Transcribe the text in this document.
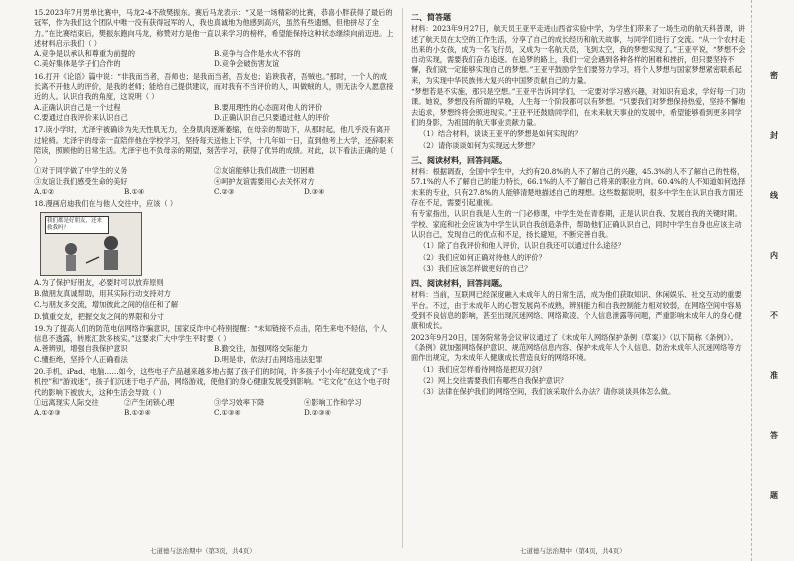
15.2023年7月男单比赛中，马龙2-4不敌樊振东。赛后马龙表示：“又是一场精彩的比赛，恭喜小胖获得了最后的冠军，作为我们这个团队中唯一没有获得冠军的人，我也真诚地为他感到高兴，虽然有些遗憾，但他拼尽了全力。”在比赛结束后，樊振东跑向马龙，称赞对方是他一直以来学习的榜样，希望能保持这种状态继续向前迈进。上述材料启示我们（ ）
A.竞争是以承认和尊重为前提的	B.竞争与合作是水火不容的
C.美好集体是学子们合作的	D.竞争会破伤害友谊
16.打开《论语》篇中说：“非我而当者，吾师也；是我而当者，吾友也；谄谀我者，吾贼也。”那时，一个人的成长离不开他人的评价，是我的老师；能给自己提供建议，而对我有不当评价的人，叫做贼的人，则无法令人愿意接近的人。认识自我的角度，这说明（ ）
A.正确认识自己是一个过程	B.要用理性的心态面对他人的评价
C.要通过自我评价来认识自己	D.正确认识自己只要通过他人的评价
17.读小学时，尤泽宇被确诊为先天性肌无力，全身肌肉逐渐萎缩，在母亲的帮助下，从那时起，他几乎没有离开过轮椅。尤泽宇的母亲一直陪伴他在学校学习，坚持每天送他上下学，十几年如一日，直到他考上大学，还辞职来陪读，照顾他的日常生活。尤泽宇也不负母亲的期望，刻苦学习，获得了优异的成绩。对此，以下看法正确的是（ ）
①对于同学做了中学生的义务	②友谊能够让我们战胜一切困难
③友谊让我们感受生命的美好	④呵护友谊需要用心去关怀对方
A.①②	B.①④	C.②③	D.③④
18.漫画启迪我们在与他人交往中，应该（ ）
我们都是好朋友，还来救我吗？

A.为了保护好朋友，必要时可以放弃原则

B.做朋友真诚帮助，用其实际行动支持对方

C.与朋友多交流，增加彼此之间的信任和了解

D.慎重交友，把握交友之间的界限和分寸

19.为了提高人们的防范电信网络诈骗意识，国家反诈中心特别提醒：“未知链接不点击，陌生来电不轻信，个人信息不透露，转账汇款多核实。”这要求广大中学生平时要（ ）
A.善辨别，增强自我保护意识	B.勤交往，加强网络交际能力
C.懂拒绝，坚持个人正确看法	D.明是非，依法打击网络违法犯罪
20.手机、iPad、电脑……如今，这些电子产品越来越多地占据了孩子们的时间，许多孩子小小年纪就变成了“手机控”和“游戏迷”，孩子们沉迷于电子产品，网络游戏，使他们的身心健康发展受到影响。“宅文化”在这个电子时代的影响下被放大，这种生活会导致（ ）
①远离现实人际交往	②产生闭锁心理	③学习效率下降	④影响工作和学习
A.①②③	B.①②④	C.①③④	D.②③④
二、简答题

材料：2023年9月27日，航天员王亚平走进山西省实验中学，为学生们带来了一场生动的航天科普课，讲述了航天员在太空的工作生活，分享了自己的成长经历和航天故事，与同学们进行了交流。“从一个农村走出来的小女孩，成为一名飞行员，又成为一名航天员，飞到太空，我的梦想实现了。”王亚平说，“梦想不会自动实现，需要我们奋力追逐。在追梦的路上，我们一定会遇到各种各样的困难和挫折，但只要坚持不懈，我们就一定能够实现自己的梦想。”王亚平鼓励学生们要努力学习，将个人梦想与国家梦想紧密联系起来，为实现中华民族伟大复兴的中国梦贡献自己的力量。

“梦想若是不实施，那只是空想。”王亚平告诉同学们，一定要对学习感兴趣，对知识有追求，学好每一门功课。她说，梦想没有所谓的早晚，人生每一个阶段都可以有梦想。“只要我们对梦想保持热爱，坚持不懈地去追求，梦想终将会照进现实。”王亚平还鼓励同学们，在未来航天事业的发展中，希望能够看到更多同学们的身影，为祖国的航天事业贡献力量。

（1）结合材料，谈谈王亚平的梦想是如何实现的？

（2）请你谈谈如何为实现远大梦想？

三、阅读材料，回答问题。

材料：根据调查，全国中学生中，大约有20.8%的人不了解自己的兴趣，45.3%的人不了解自己的性格，57.1%的人不了解自己的能力特长，66.1%的人不了解自己将来的职业方向。60.4%的人不知道如何选择未来的专业，只有27.8%的人能够清楚地描述自己的理想。这些数据说明，很多中学生在认识自我方面还存在不足，需要引起重视。

有专家指出，认识自我是人生的一门必修课，中学生处在青春期，正是认识自我、发展自我的关键时期。学校、家庭和社会应该为中学生认识自我创造条件，帮助他们正确认识自己，同时中学生自身也应该主动认识自己，发现自己的优点和不足，扬长避短，不断完善自我。

（1）除了自我评价和他人评价，认识自我还可以通过什么途径？

（2）我们应如何正确对待他人的评价？

（3）我们应该怎样做更好的自己？

四、阅读材料，回答问题。

材料：当前，互联网已经深度融入未成年人的日常生活，成为他们获取知识、休闲娱乐、社交互动的重要平台。不过，由于未成年人的心智发展尚不成熟，辨别能力和自我控制能力相对较弱，在网络空间中容易受到不良信息的影响，甚至出现沉迷网络、网络欺凌、个人信息泄露等问题，严重影响未成年人的身心健康和成长。

2023年9月20日，国务院常务会议审议通过了《未成年人网络保护条例（草案）》（以下简称《条例》）。《条例》就加强网络保护意识、规范网络信息内容、保护未成年人个人信息、防治未成年人沉迷网络等方面作出规定，为未成年人健康成长营造良好的网络环境。

（1）我们应怎样看待网络是把双刃剑？

（2）网上交往需要我们有哪些自我保护意识？

（3）法律在保护我们的网络空间，我们该采取什么办法？请你谈谈具体怎么做。

七道德与法治期中（第3页，共4页）	七道德与法治期中（第4页，共4页）
密
封
线
内
不
准
答
题
